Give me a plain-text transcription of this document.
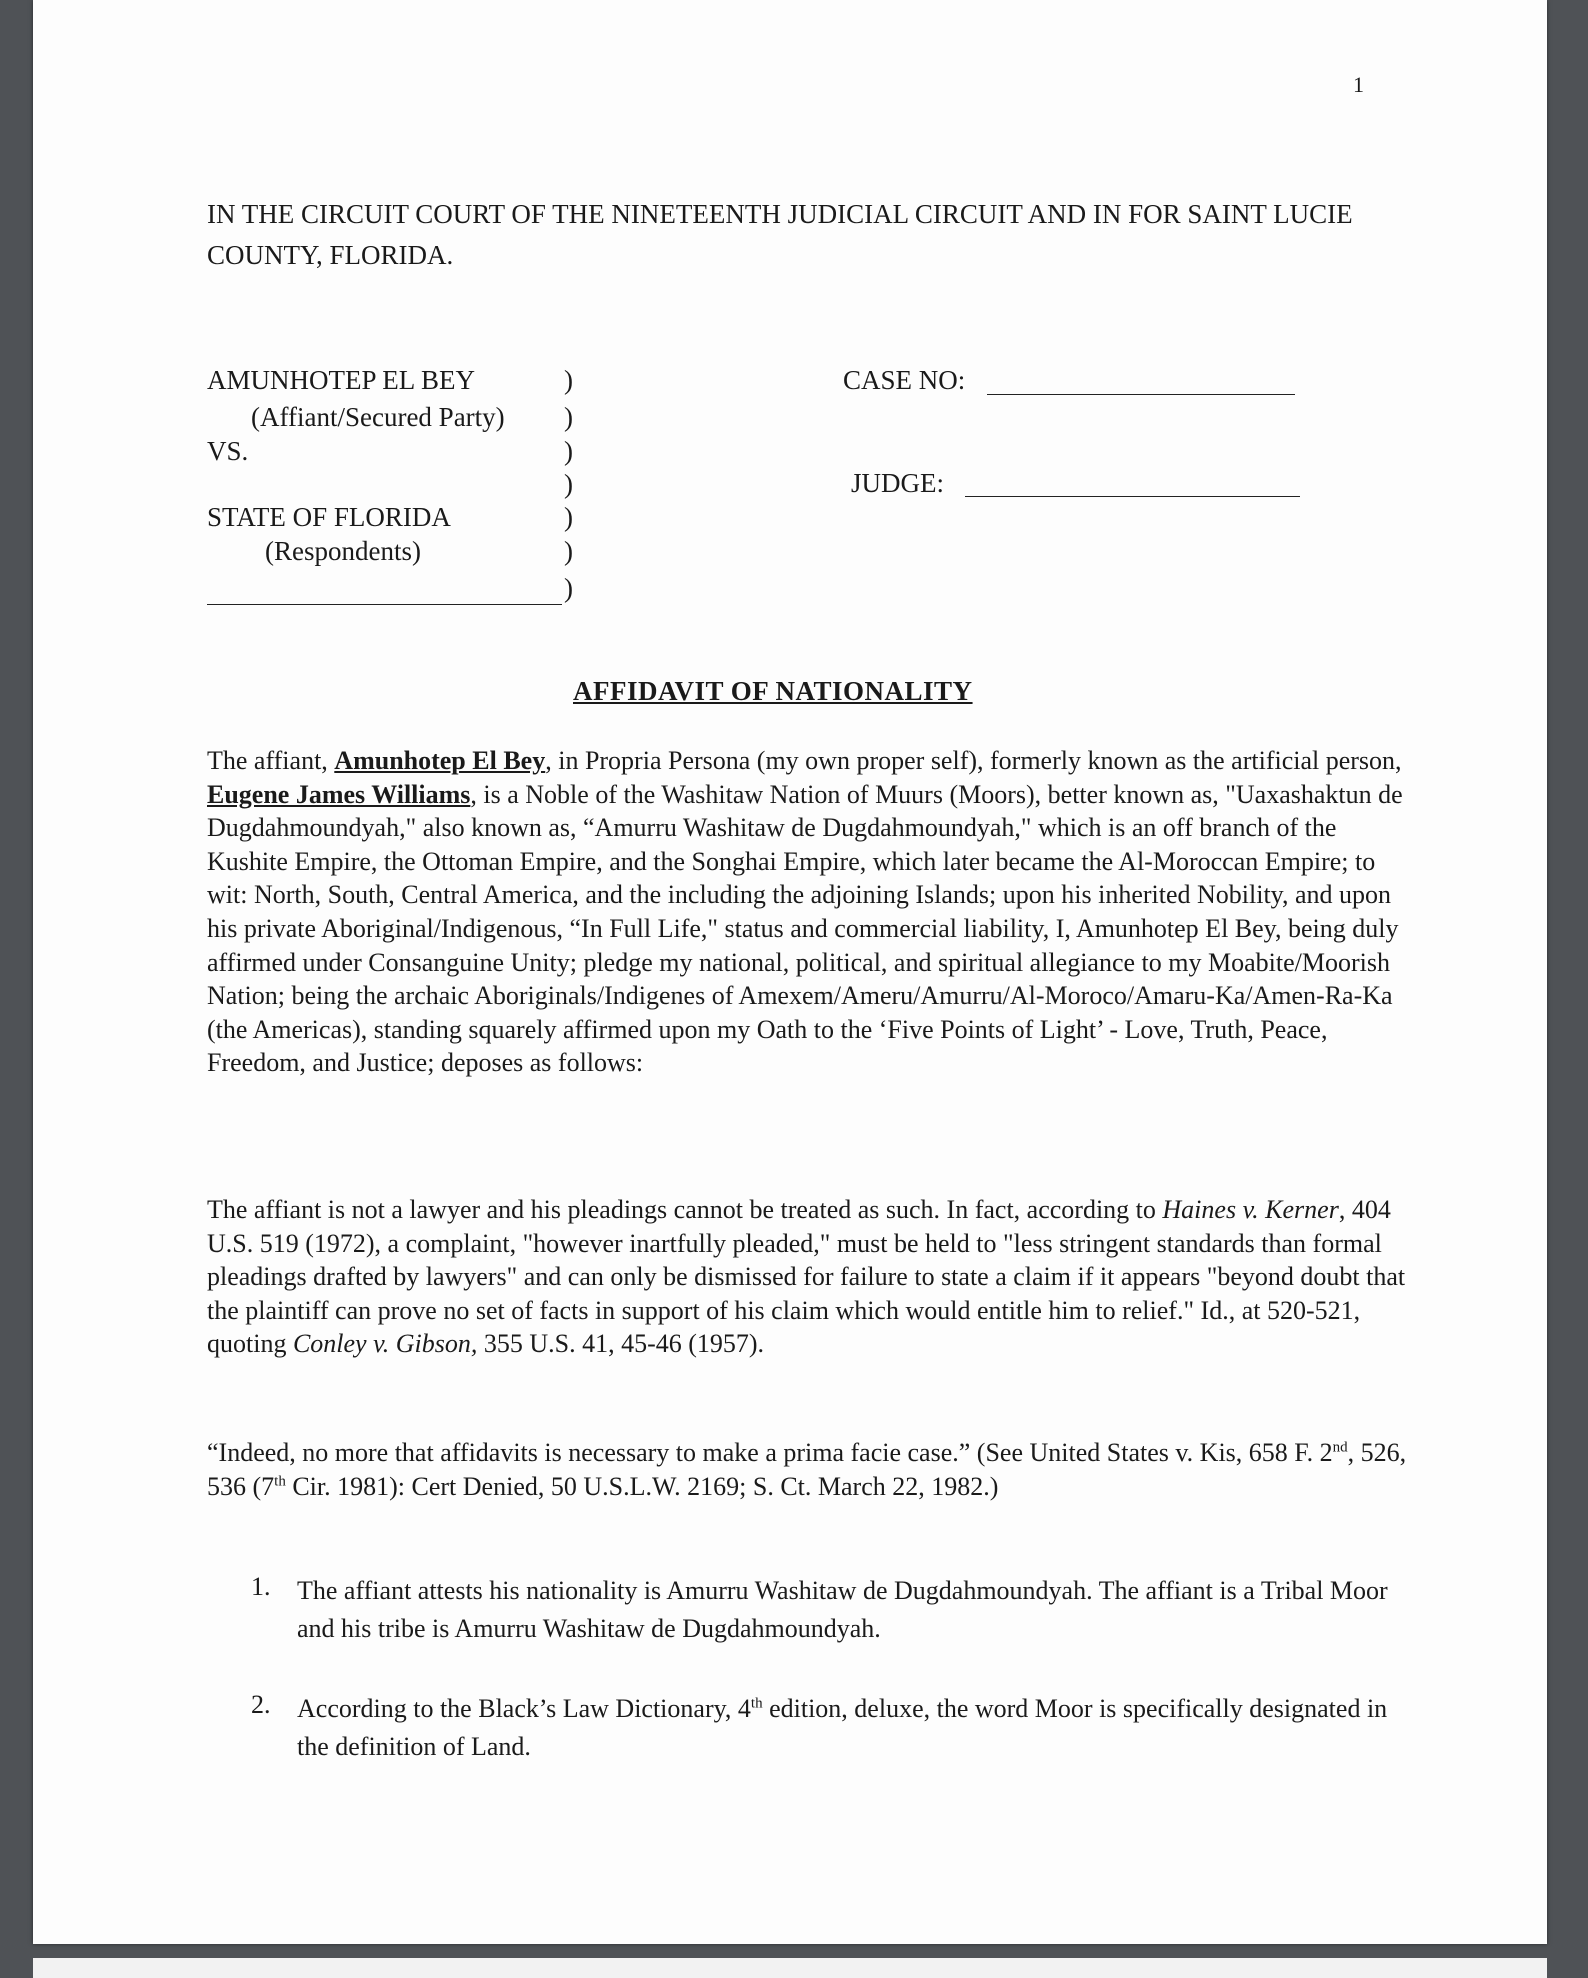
1
IN THE CIRCUIT COURT OF THE NINETEENTH JUDICIAL CIRCUIT AND IN FOR SAINT LUCIE COUNTY, FLORIDA.
AMUNHOTEP EL BEY
(Affiant/Secured Party)
VS.
STATE OF FLORIDA
(Respondents)
)
)
)
)
)
)
)
CASE NO:
JUDGE:
AFFIDAVIT OF NATIONALITY
The affiant, Amunhotep El Bey, in Propria Persona (my own proper self), formerly known as the artificial person, Eugene James Williams, is a Noble of the Washitaw Nation of Muurs (Moors), better known as, "Uaxashaktun de Dugdahmoundyah," also known as, “Amurru Washitaw de Dugdahmoundyah," which is an off branch of the Kushite Empire, the Ottoman Empire, and the Songhai Empire, which later became the Al-Moroccan Empire; to wit: North, South, Central America, and the including the adjoining Islands; upon his inherited Nobility, and upon his private Aboriginal/Indigenous, “In Full Life," status and commercial liability, I, Amunhotep El Bey, being duly affirmed under Consanguine Unity; pledge my national, political, and spiritual allegiance to my Moabite/Moorish Nation; being the archaic Aboriginals/Indigenes of Amexem/Ameru/Amurru/Al-Moroco/Amaru-Ka/Amen-Ra-Ka (the Americas), standing squarely affirmed upon my Oath to the ‘Five Points of Light’ - Love, Truth, Peace, Freedom, and Justice; deposes as follows:
The affiant is not a lawyer and his pleadings cannot be treated as such. In fact, according to Haines v. Kerner, 404 U.S. 519 (1972), a complaint, "however inartfully pleaded," must be held to "less stringent standards than formal pleadings drafted by lawyers" and can only be dismissed for failure to state a claim if it appears "beyond doubt that the plaintiff can prove no set of facts in support of his claim which would entitle him to relief." Id., at 520-521, quoting Conley v. Gibson, 355 U.S. 41, 45-46 (1957).
“Indeed, no more that affidavits is necessary to make a prima facie case.” (See United States v. Kis, 658 F. 2nd, 526, 536 (7th Cir. 1981): Cert Denied, 50 U.S.L.W. 2169; S. Ct. March 22, 1982.)
1. The affiant attests his nationality is Amurru Washitaw de Dugdahmoundyah. The affiant is a Tribal Moor and his tribe is Amurru Washitaw de Dugdahmoundyah.
2. According to the Black’s Law Dictionary, 4th edition, deluxe, the word Moor is specifically designated in the definition of Land.
